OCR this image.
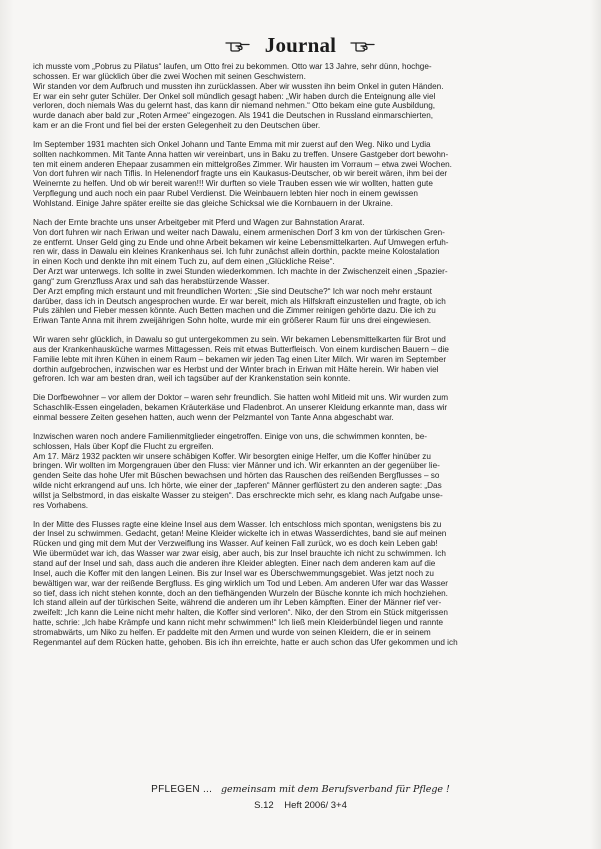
Journal
ich musste vom „Pobrus zu Pilatus“ laufen, um Otto frei zu bekommen. Otto war 13 Jahre, sehr dünn, hochge-
schossen. Er war glücklich über die zwei Wochen mit seinen Geschwistern.
Wir standen vor dem Aufbruch und mussten ihn zurücklassen. Aber wir wussten ihn beim Onkel in guten Händen.
Er war ein sehr guter Schüler. Der Onkel soll mündlich gesagt haben: „Wir haben durch die Enteignung alle viel
verloren, doch niemals Was du gelernt hast, das kann dir niemand nehmen.“ Otto bekam eine gute Ausbildung,
wurde danach aber bald zur „Roten Armee“ eingezogen. Als 1941 die Deutschen in Russland einmarschierten,
kam er an die Front und fiel bei der ersten Gelegenheit zu den Deutschen über.
Im September 1931 machten sich Onkel Johann und Tante Emma mit mir zuerst auf den Weg. Niko und Lydia
sollten nachkommen. Mit Tante Anna hatten wir vereinbart, uns in Baku zu treffen. Unsere Gastgeber dort bewohn-
ten mit einem anderen Ehepaar zusammen ein mittelgroßes Zimmer. Wir hausten im Vorraum – etwa zwei Wochen.
Von dort fuhren wir nach Tiflis. In Helenendorf fragte uns ein Kaukasus-Deutscher, ob wir bereit wären, ihm bei der
Weinernte zu helfen. Und ob wir bereit waren!!! Wir durften so viele Trauben essen wie wir wollten, hatten gute
Verpflegung und auch noch ein paar Rubel Verdienst. Die Weinbauern lebten hier noch in einem gewissen
Wohlstand. Einige Jahre später ereilte sie das gleiche Schicksal wie die Kornbauern in der Ukraine.
Nach der Ernte brachte uns unser Arbeitgeber mit Pferd und Wagen zur Bahnstation Ararat.
Von dort fuhren wir nach Eriwan und weiter nach Dawalu, einem armenischen Dorf 3 km von der türkischen Gren-
ze entfernt. Unser Geld ging zu Ende und ohne Arbeit bekamen wir keine Lebensmittelkarten. Auf Umwegen erfuh-
ren wir, dass in Dawalu ein kleines Krankenhaus sei. Ich fuhr zunächst allein dorthin, packte meine Kolostalation
in einen Koch und denkte ihn mit einem Tuch zu, auf dem einen „Glückliche Reise“.
Der Arzt war unterwegs. Ich sollte in zwei Stunden wiederkommen. Ich machte in der Zwischenzeit einen „Spazier-
gang“ zum Grenzfluss Arax und sah das herabstürzende Wasser.
Der Arzt empfing mich erstaunt und mit freundlichen Worten: „Sie sind Deutsche?“ Ich war noch mehr erstaunt
darüber, dass ich in Deutsch angesprochen wurde. Er war bereit, mich als Hilfskraft einzustellen und fragte, ob ich
Puls zählen und Fieber messen könnte. Auch Betten machen und die Zimmer reinigen gehörte dazu. Die ich zu
Eriwan Tante Anna mit ihrem zweijährigen Sohn holte, wurde mir ein größerer Raum für uns drei eingewiesen.
Wir waren sehr glücklich, in Dawalu so gut untergekommen zu sein. Wir bekamen Lebensmittelkarten für Brot und
aus der Krankenhausküche warmes Mittagessen. Reis mit etwas Butterfleisch. Von einem kurdischen Bauern – die
Familie lebte mit ihren Kühen in einem Raum – bekamen wir jeden Tag einen Liter Milch. Wir waren im September
dorthin aufgebrochen, inzwischen war es Herbst und der Winter brach in Eriwan mit Hälte herein. Wir haben viel
gefroren. Ich war am besten dran, weil ich tagsüber auf der Krankenstation sein konnte.
Die Dorfbewohner – vor allem der Doktor – waren sehr freundlich. Sie hatten wohl Mitleid mit uns. Wir wurden zum
Schaschlik-Essen eingeladen, bekamen Kräuterkäse und Fladenbrot. An unserer Kleidung erkannte man, dass wir
einmal bessere Zeiten gesehen hatten, auch wenn der Pelzmantel von Tante Anna abgeschabt war.
Inzwischen waren noch andere Familienmitglieder eingetroffen. Einige von uns, die schwimmen konnten, be-
schlossen, Hals über Kopf die Flucht zu ergreifen.
Am 17. März 1932 packten wir unsere schäbigen Koffer. Wir besorgten einige Helfer, um die Koffer hinüber zu
bringen. Wir wollten im Morgengrauen über den Fluss: vier Männer und ich. Wir erkannten an der gegenüber lie-
genden Seite das hohe Ufer mit Büschen bewachsen und hörten das Rauschen des reißenden Bergflusses – so
wilde nicht erkrangend auf uns. Ich hörte, wie einer der „tapferen“ Männer gerflüstert zu den anderen sagte: „Das
willst ja Selbstmord, in das eiskalte Wasser zu steigen“. Das erschreckte mich sehr, es klang nach Aufgabe unse-
res Vorhabens.
In der Mitte des Flusses ragte eine kleine Insel aus dem Wasser. Ich entschloss mich spontan, wenigstens bis zu
der Insel zu schwimmen. Gedacht, getan! Meine Kleider wickelte ich in etwas Wasserdichtes, band sie auf meinen
Rücken und ging mit dem Mut der Verzweiflung ins Wasser. Auf keinen Fall zurück, wo es doch kein Leben gab!
Wie übermüdet war ich, das Wasser war zwar eisig, aber auch, bis zur Insel brauchte ich nicht zu schwimmen. Ich
stand auf der Insel und sah, dass auch die anderen ihre Kleider ablegten. Einer nach dem anderen kam auf die
Insel, auch die Koffer mit den langen Leinen. Bis zur Insel war es Überschwemmungsgebiet. Was jetzt noch zu
bewältigen war, war der reißende Bergfluss. Es ging wirklich um Tod und Leben. Am anderen Ufer war das Wasser
so tief, dass ich nicht stehen konnte, doch an den tiefhängenden Wurzeln der Büsche konnte ich mich hochziehen.
Ich stand allein auf der türkischen Seite, während die anderen um ihr Leben kämpften. Einer der Männer rief ver-
zweifelt: „Ich kann die Leine nicht mehr halten, die Koffer sind verloren“. Niko, der den Strom ein Stück mitgerissen
hatte, schrie: „Ich habe Krämpfe und kann nicht mehr schwimmen!“ Ich ließ mein Kleiderbündel liegen und rannte
stromabwärts, um Niko zu helfen. Er paddelte mit den Armen und wurde von seinen Kleidern, die er in seinem
Regenmantel auf dem Rücken hatte, gehoben. Bis ich ihn erreichte, hatte er auch schon das Ufer gekommen und ich
PFLEGEN ... gemeinsam mit dem Berufsverband für Pflege !
S.12 Heft 2006/ 3+4
